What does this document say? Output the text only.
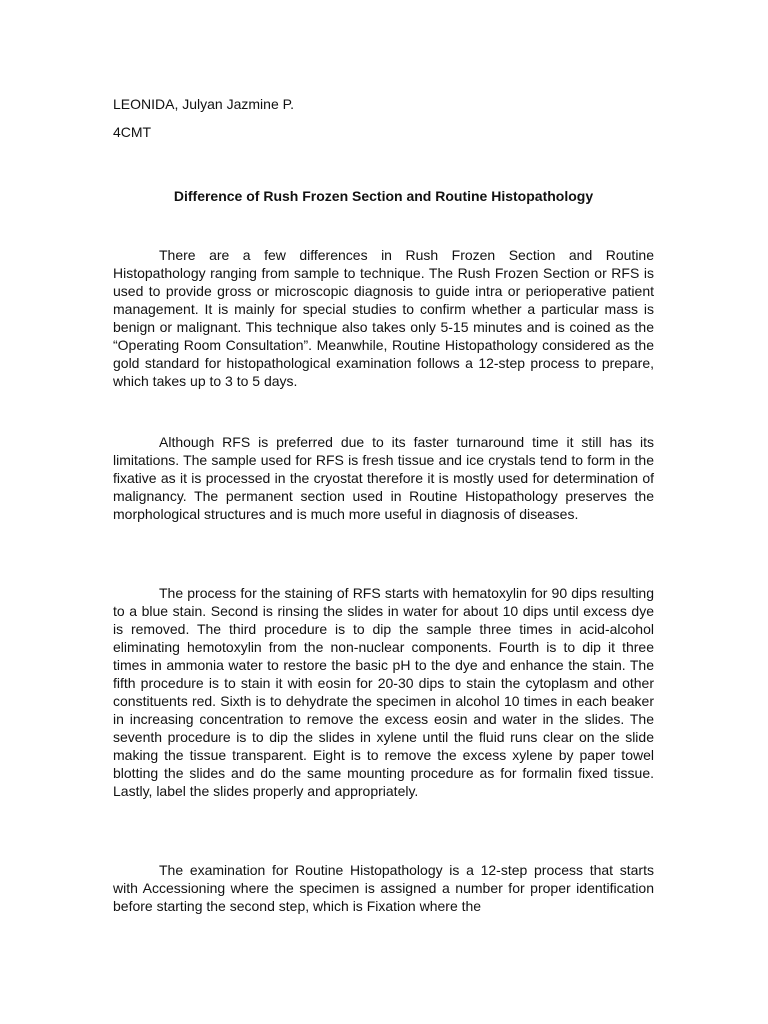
LEONIDA, Julyan Jazmine P.
4CMT
Difference of Rush Frozen Section and Routine Histopathology

There are a few differences in Rush Frozen Section and Routine Histopathology ranging from sample to technique. The Rush Frozen Section or RFS is used to provide gross or microscopic diagnosis to guide intra or perioperative patient management. It is mainly for special studies to confirm whether a particular mass is benign or malignant. This technique also takes only 5-15 minutes and is coined as the “Operating Room Consultation”. Meanwhile, Routine Histopathology considered as the gold standard for histopathological examination follows a 12-step process to prepare, which takes up to 3 to 5 days.

Although RFS is preferred due to its faster turnaround time it still has its limitations. The sample used for RFS is fresh tissue and ice crystals tend to form in the fixative as it is processed in the cryostat therefore it is mostly used for determination of malignancy. The permanent section used in Routine Histopathology preserves the morphological structures and is much more useful in diagnosis of diseases.

The process for the staining of RFS starts with hematoxylin for 90 dips resulting to a blue stain. Second is rinsing the slides in water for about 10 dips until excess dye is removed. The third procedure is to dip the sample three times in acid-alcohol eliminating hemotoxylin from the non-nuclear components. Fourth is to dip it three times in ammonia water to restore the basic pH to the dye and enhance the stain. The fifth procedure is to stain it with eosin for 20-30 dips to stain the cytoplasm and other constituents red. Sixth is to dehydrate the specimen in alcohol 10 times in each beaker in increasing concentration to remove the excess eosin and water in the slides. The seventh procedure is to dip the slides in xylene until the fluid runs clear on the slide making the tissue transparent. Eight is to remove the excess xylene by paper towel blotting the slides and do the same mounting procedure as for formalin fixed tissue. Lastly, label the slides properly and appropriately.

The examination for Routine Histopathology is a 12-step process that starts with Accessioning where the specimen is assigned a number for proper identification before starting the second step, which is Fixation where the
